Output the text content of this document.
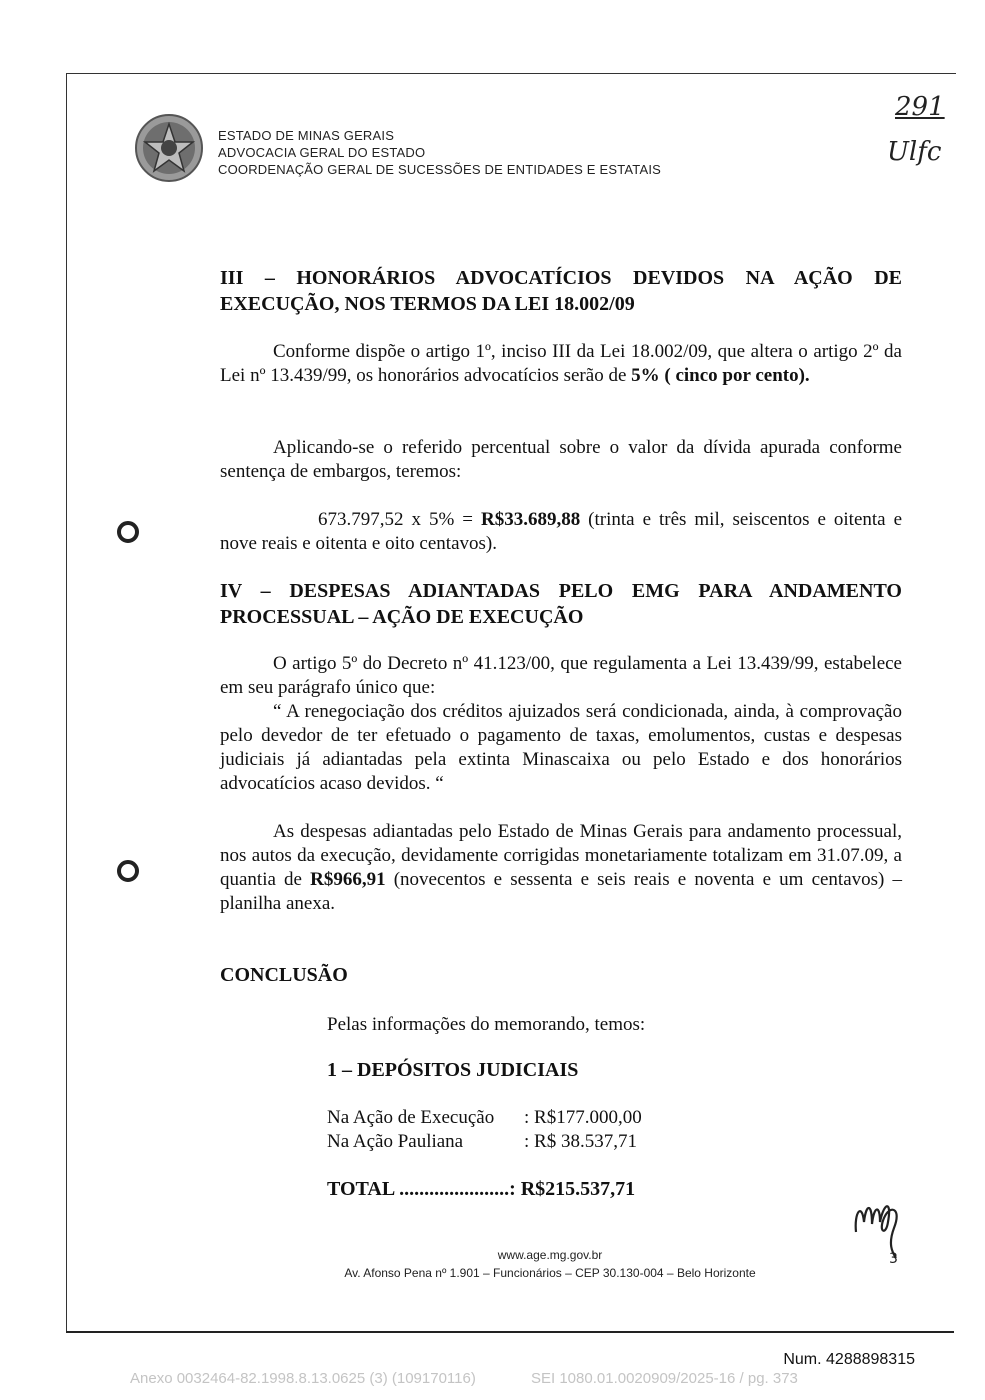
ESTADO DE MINAS GERAIS
ADVOCACIA GERAL DO ESTADO
COORDENAÇÃO GERAL DE SUCESSÕES DE ENTIDADES E ESTATAIS
291
Ulfc
III – HONORÁRIOS ADVOCATÍCIOS DEVIDOS NA AÇÃO DE
EXECUÇÃO, NOS TERMOS DA LEI 18.002/09
Conforme dispõe o artigo 1º, inciso III da Lei 18.002/09, que altera o artigo 2º da Lei nº 13.439/99, os honorários advocatícios serão de 5% ( cinco por cento).
Aplicando-se o referido percentual sobre o valor da dívida apurada conforme sentença de embargos, teremos:
673.797,52 x 5% = R$33.689,88 (trinta e três mil, seiscentos e oitenta e nove reais e oitenta e oito centavos).
IV – DESPESAS ADIANTADAS PELO EMG PARA ANDAMENTO
PROCESSUAL – AÇÃO DE EXECUÇÃO
O artigo 5º do Decreto nº 41.123/00, que regulamenta a Lei 13.439/99, estabelece em seu parágrafo único que:
“ A renegociação dos créditos ajuizados será condicionada, ainda, à comprovação pelo devedor de ter efetuado o pagamento de taxas, emolumentos, custas e despesas judiciais já adiantadas pela extinta Minascaixa ou pelo Estado e dos honorários advocatícios acaso devidos. “
As despesas adiantadas pelo Estado de Minas Gerais para andamento processual, nos autos da execução, devidamente corrigidas monetariamente totalizam em 31.07.09, a quantia de R$966,91 (novecentos e sessenta e seis reais e noventa e um centavos) – planilha anexa.
CONCLUSÃO
Pelas informações do memorando, temos:
1 – DEPÓSITOS JUDICIAIS
Na Ação de Execução : R$177.000,00
Na Ação Pauliana	: R$ 38.537,71
TOTAL ......................: R$215.537,71
3
www.age.mg.gov.br
Av. Afonso Pena nº 1.901 – Funcionários – CEP 30.130-004 – Belo Horizonte
Num. 4288898315
Anexo 0032464-82.1998.8.13.0625 (3) (109170116)	SEI 1080.01.0020909/2025-16 / pg. 373
